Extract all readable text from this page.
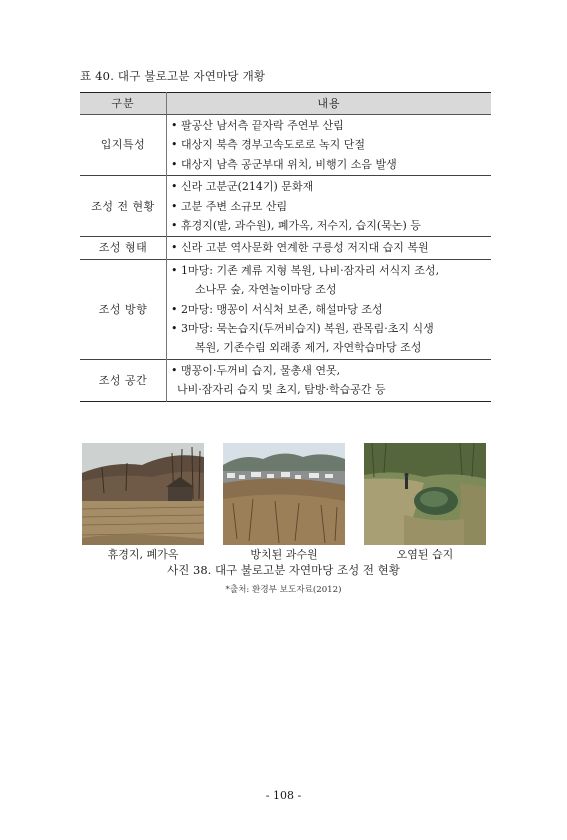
표 40. 대구 불로고분 자연마당 개황
구분	내용
입지특성	• 팔공산 남서측 끝자락 주연부 산림
• 대상지 북측 경부고속도로로 녹지 단절
• 대상지 남측 공군부대 위치, 비행기 소음 발생

조성 전 현황	• 신라 고분군(214기) 문화재
• 고분 주변 소규모 산림
• 휴경지(밭, 과수원), 폐가옥, 저수지, 습지(묵논) 등

조성 형태	• 신라 고분 역사문화 연계한 구릉성 저지대 습지 복원

조성 방향	• 1마당: 기존 계류 지형 복원, 나비·잠자리 서식지 조성,
소나무 숲, 자연놀이마당 조성
• 2마당: 맹꽁이 서식처 보존, 해설마당 조성
• 3마당: 묵논습지(두꺼비습지) 복원, 관목림·초지 식생
복원, 기존수림 외래종 제거, 자연학습마당 조성

조성 공간	• 맹꽁이·두꺼비 습지, 물총새 연못,
나비·잠자리 습지 및 초지, 탐방·학습공간 등
휴경지, 폐가옥	방치된 과수원	오염된 습지
사진 38. 대구 불로고분 자연마당 조성 전 현황
*출처: 환경부 보도자료(2012)
- 108 -
